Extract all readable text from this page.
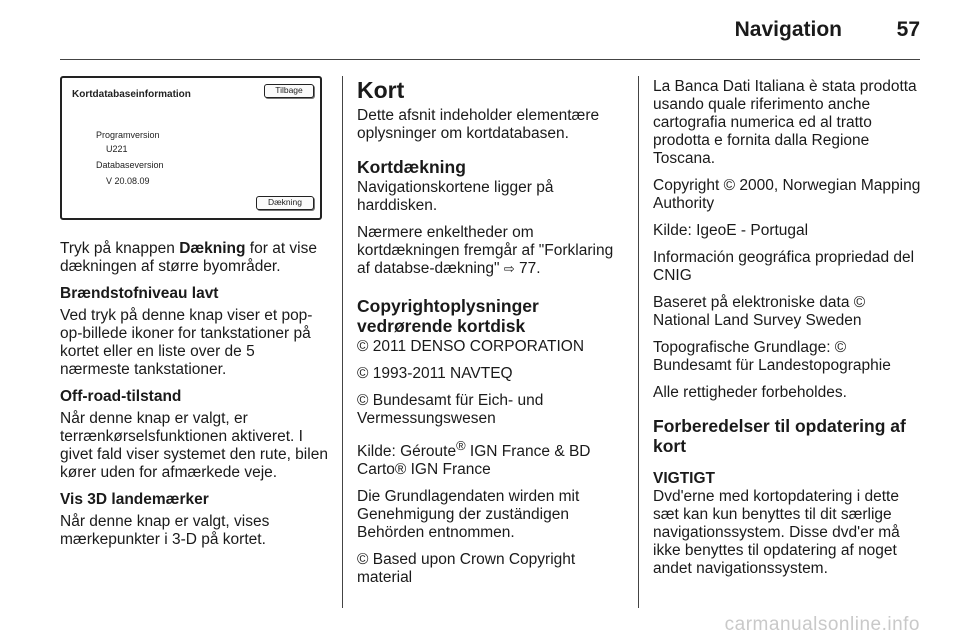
Navigation	57
Kortdatabaseinformation	Tilbage
Programversion
U221
Databaseversion
V 20.08.09
Dækning

Tryk på knappen Dækning for at vise dækningen af større byområder.

Brændstofniveau lavt

Ved tryk på denne knap viser et pop-op-billede ikoner for tankstationer på kortet eller en liste over de 5 nærmeste tankstationer.

Off-road-tilstand

Når denne knap er valgt, er terrænkørselsfunktionen aktiveret. I givet fald viser systemet den rute, bilen kører uden for afmærkede veje.

Vis 3D landemærker

Når denne knap er valgt, vises mærkepunkter i 3-D på kortet.

Kort

Dette afsnit indeholder elementære oplysninger om kortdatabasen.

Kortdækning

Navigationskortene ligger på harddisken.

Nærmere enkeltheder om kortdækningen fremgår af "Forklaring af databse-dækning" ⇨ 77.

Copyrightoplysninger vedrørende kortdisk

© 2011 DENSO CORPORATION

© 1993-2011 NAVTEQ

© Bundesamt für Eich- und Vermessungswesen

Kilde: Géroute® IGN France & BD Carto® IGN France

Die Grundlagendaten wirden mit Genehmigung der zuständigen Behörden entnommen.

© Based upon Crown Copyright material

La Banca Dati Italiana è stata prodotta usando quale riferimento anche cartografia numerica ed al tratto prodotta e fornita dalla Regione Toscana.

Copyright © 2000, Norwegian Mapping Authority

Kilde: IgeoE - Portugal

Información geográfica propriedad del CNIG

Baseret på elektroniske data © National Land Survey Sweden

Topografische Grundlage: © Bundesamt für Landestopographie

Alle rettigheder forbeholdes.

Forberedelser til opdatering af kort
VIGTIGT

Dvd'erne med kortopdatering i dette sæt kan kun benyttes til dit særlige navigationssystem. Disse dvd'er må ikke benyttes til opdatering af noget andet navigationssystem.

carmanualsonline.info
